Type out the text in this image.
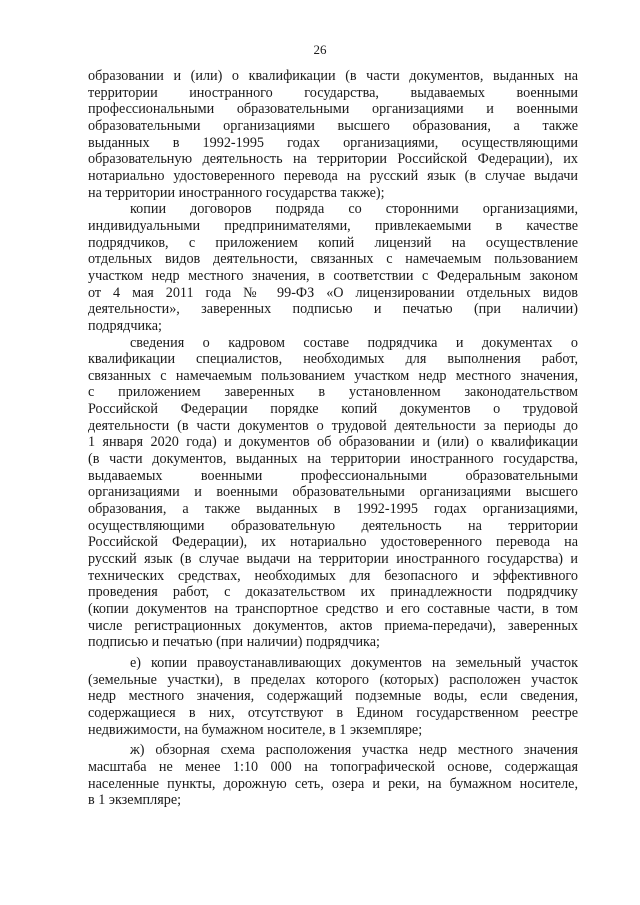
26
образовании и (или) о квалификации (в части документов, выданных на
территории иностранного государства, выдаваемых военными
профессиональными образовательными организациями и военными
образовательными организациями высшего образования, а также
выданных в 1992-1995 годах организациями, осуществляющими
образовательную деятельность на территории Российской Федерации), их
нотариально удостоверенного перевода на русский язык (в случае выдачи
на территории иностранного государства также);
копии договоров подряда со сторонними организациями,
индивидуальными предпринимателями, привлекаемыми в качестве
подрядчиков, с приложением копий лицензий на осуществление
отдельных видов деятельности, связанных с намечаемым пользованием
участком недр местного значения, в соответствии с Федеральным законом
от 4 мая 2011 года № 99-ФЗ «О лицензировании отдельных видов
деятельности», заверенных подписью и печатью (при наличии)
подрядчика;
сведения о кадровом составе подрядчика и документах о
квалификации специалистов, необходимых для выполнения работ,
связанных с намечаемым пользованием участком недр местного значения,
с приложением заверенных в установленном законодательством
Российской Федерации порядке копий документов о трудовой
деятельности (в части документов о трудовой деятельности за периоды до
1 января 2020 года) и документов об образовании и (или) о квалификации
(в части документов, выданных на территории иностранного государства,
выдаваемых военными профессиональными образовательными
организациями и военными образовательными организациями высшего
образования, а также выданных в 1992-1995 годах организациями,
осуществляющими образовательную деятельность на территории
Российской Федерации), их нотариально удостоверенного перевода на
русский язык (в случае выдачи на территории иностранного государства) и
технических средствах, необходимых для безопасного и эффективного
проведения работ, с доказательством их принадлежности подрядчику
(копии документов на транспортное средство и его составные части, в том
числе регистрационных документов, актов приема-передачи), заверенных
подписью и печатью (при наличии) подрядчика;
е) копии правоустанавливающих документов на земельный участок
(земельные участки), в пределах которого (которых) расположен участок
недр местного значения, содержащий подземные воды, если сведения,
содержащиеся в них, отсутствуют в Едином государственном реестре
недвижимости, на бумажном носителе, в 1 экземпляре;
ж) обзорная схема расположения участка недр местного значения
масштаба не менее 1:10 000 на топографической основе, содержащая
населенные пункты, дорожную сеть, озера и реки, на бумажном носителе,
в 1 экземпляре;
